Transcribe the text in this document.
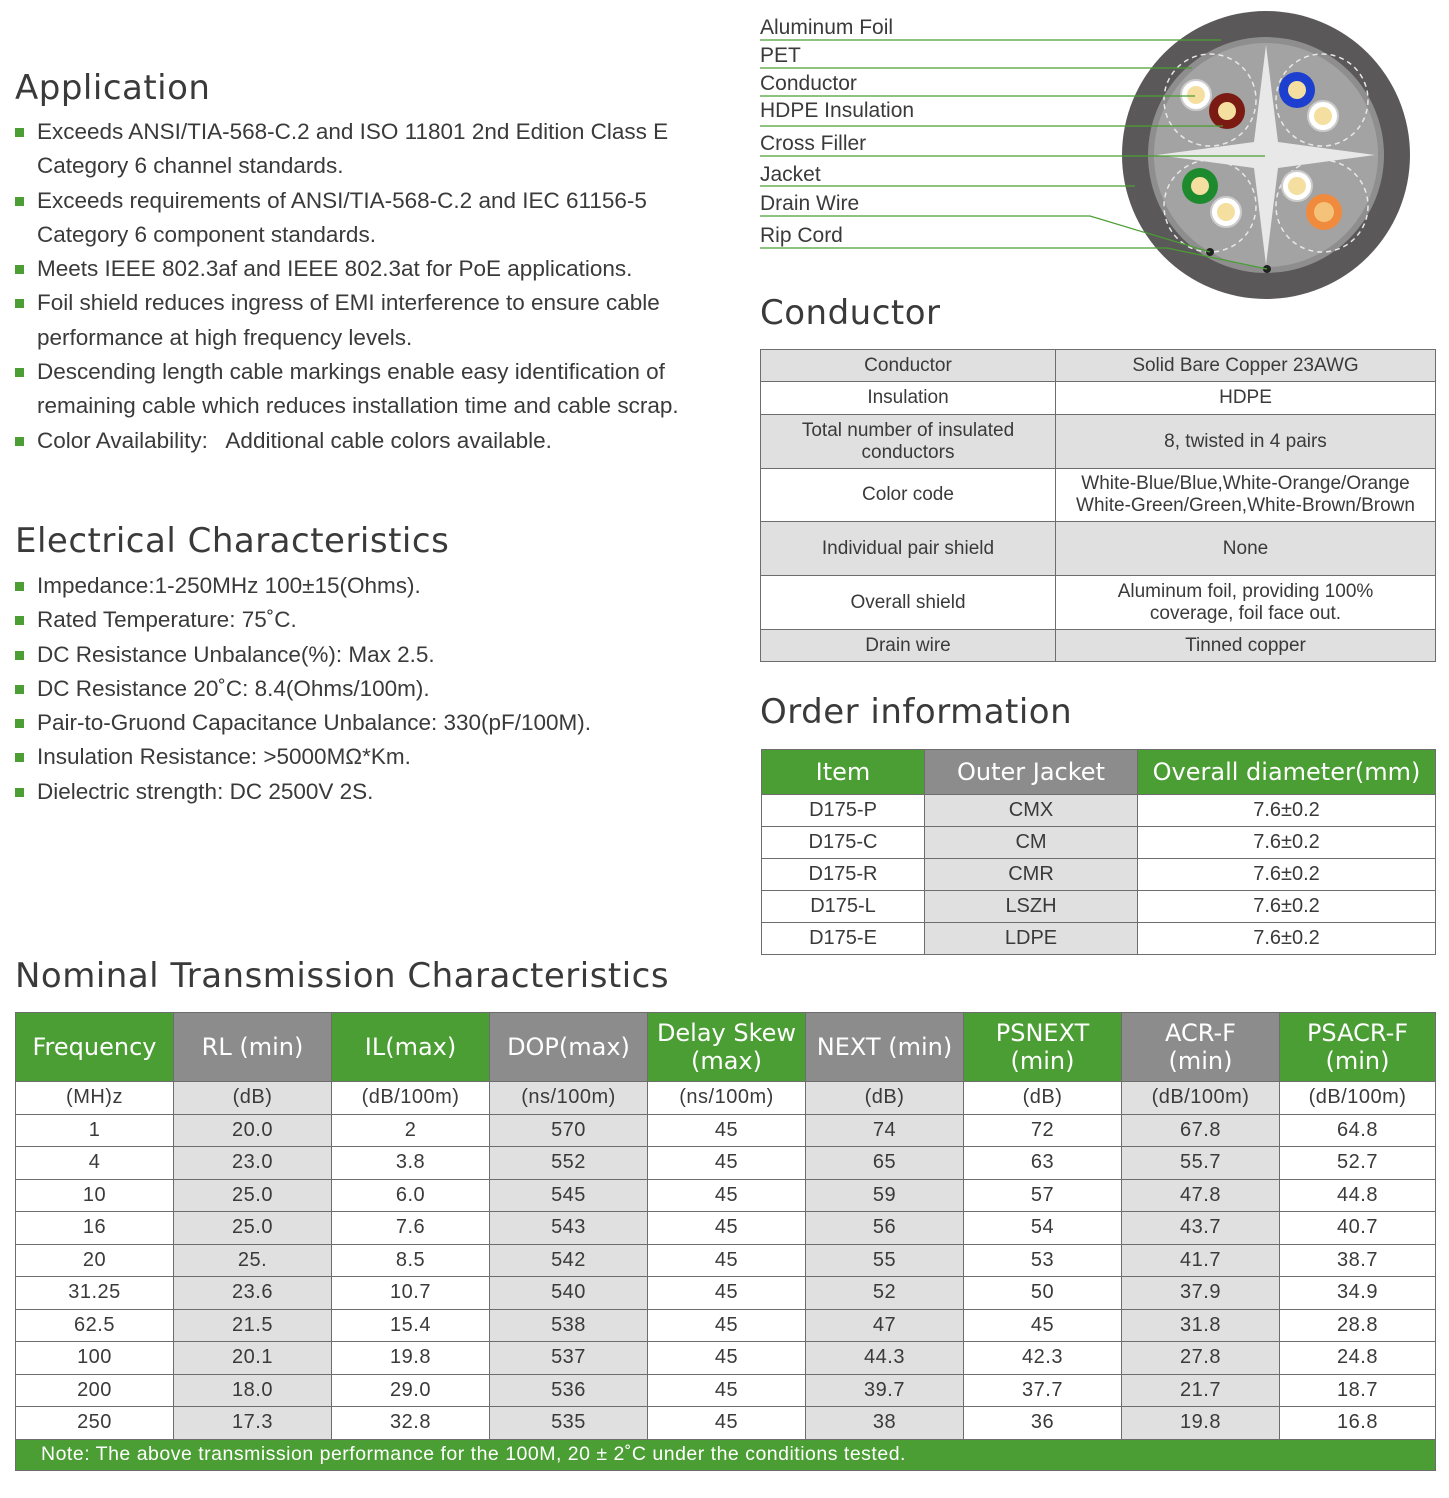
Application
Exceeds ANSI/TIA-568-C.2 and ISO 11801 2nd Edition Class E Category 6 channel standards.
Exceeds requirements of ANSI/TIA-568-C.2 and IEC 61156-5 Category 6 component standards.
Meets IEEE 802.3af and IEEE 802.3at for PoE applications.
Foil shield reduces ingress of EMI interference to ensure cable performance at high frequency levels.
Descending length cable markings enable easy identification of remaining cable which reduces installation time and cable scrap.
Color Availability:   Additional cable colors available.
Electrical Characteristics
Impedance:1-250MHz 100±15(Ohms).
Rated Temperature: 75˚C.
DC Resistance Unbalance(%): Max 2.5.
DC Resistance 20˚C: 8.4(Ohms/100m).
Pair-to-Gruond Capacitance Unbalance: 330(pF/100M).
Insulation Resistance: >5000MΩ*Km.
Dielectric strength: DC 2500V 2S.
Aluminum Foil
PET
Conductor
HDPE Insulation
Cross Filler
Jacket
Drain Wire
Rip Cord
Conductor
Conductor	Solid Bare Copper 23AWG
Insulation	HDPE
Total number of insulated conductors	8, twisted in 4 pairs
Color code	White-Blue/Blue,White-Orange/Orange White-Green/Green,White-Brown/Brown
Individual pair shield	None
Overall shield	Aluminum foil, providing 100% coverage, foil face out.
Drain wire	Tinned copper
Order information
Item	Outer Jacket	Overall diameter(mm)
D175-P	CMX	7.6±0.2
D175-C	CM	7.6±0.2
D175-R	CMR	7.6±0.2
D175-L	LSZH	7.6±0.2
D175-E	LDPE	7.6±0.2
Nominal Transmission Characteristics
Frequency	RL (min)	IL(max)	DOP(max)	Delay Skew (max)	NEXT (min)	PSNEXT (min)	ACR-F (min)	PSACR-F (min)
(MH)z	(dB)	(dB/100m)	(ns/100m)	(ns/100m)	(dB)	(dB)	(dB/100m)	(dB/100m)
1	20.0	2	570	45	74	72	67.8	64.8
4	23.0	3.8	552	45	65	63	55.7	52.7
10	25.0	6.0	545	45	59	57	47.8	44.8
16	25.0	7.6	543	45	56	54	43.7	40.7
20	25.	8.5	542	45	55	53	41.7	38.7
31.25	23.6	10.7	540	45	52	50	37.9	34.9
62.5	21.5	15.4	538	45	47	45	31.8	28.8
100	20.1	19.8	537	45	44.3	42.3	27.8	24.8
200	18.0	29.0	536	45	39.7	37.7	21.7	18.7
250	17.3	32.8	535	45	38	36	19.8	16.8
Note: The above transmission performance for the 100M, 20 ± 2˚C under the conditions tested.								
